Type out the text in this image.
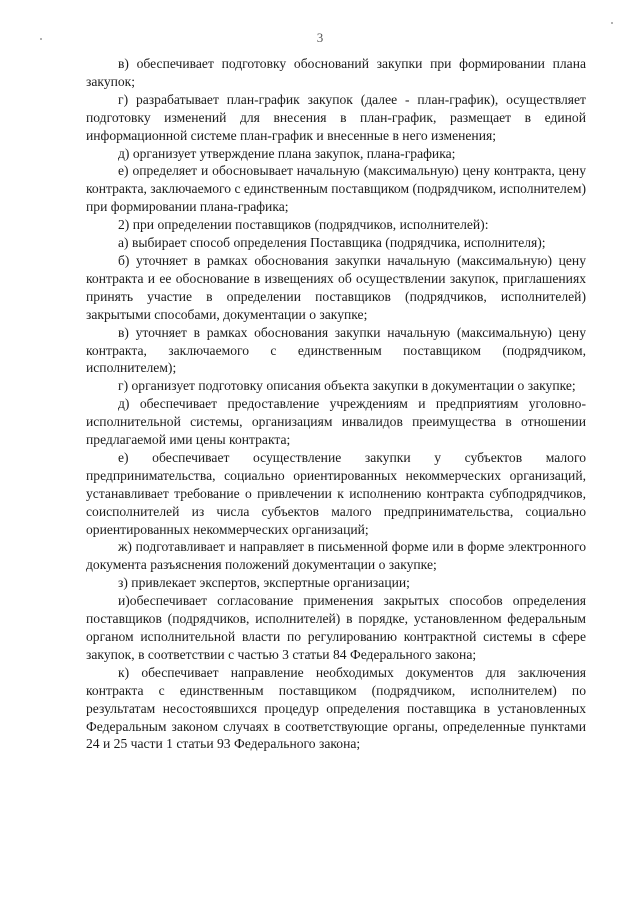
3

в) обеспечивает подготовку обоснований закупки при формировании плана закупок;

г) разрабатывает план-график закупок (далее - план-график), осуществляет подготовку изменений для внесения в план-график, размещает в единой информационной системе план-график и внесенные в него изменения;

д) организует утверждение плана закупок, плана-графика;

е) определяет и обосновывает начальную (максимальную) цену контракта, цену контракта, заключаемого с единственным поставщиком (подрядчиком, исполнителем) при формировании плана-графика;

2) при определении поставщиков (подрядчиков, исполнителей):

а) выбирает способ определения Поставщика (подрядчика, исполнителя);

б) уточняет в рамках обоснования закупки начальную (максимальную) цену контракта и ее обоснование в извещениях об осуществлении закупок, приглашениях принять участие в определении поставщиков (подрядчиков, исполнителей) закрытыми способами, документации о закупке;

в) уточняет в рамках обоснования закупки начальную (максимальную) цену контракта, заключаемого с единственным поставщиком (подрядчиком, исполнителем);

г) организует подготовку описания объекта закупки в документации о закупке;

д) обеспечивает предоставление учреждениям и предприятиям уголовно-исполнительной системы, организациям инвалидов преимущества в отношении предлагаемой ими цены контракта;

е) обеспечивает осуществление закупки у субъектов малого предпринимательства, социально ориентированных некоммерческих организаций, устанавливает требование о привлечении к исполнению контракта субподрядчиков, соисполнителей из числа субъектов малого предпринимательства, социально ориентированных некоммерческих организаций;

ж) подготавливает и направляет в письменной форме или в форме электронного документа разъяснения положений документации о закупке;

з) привлекает экспертов, экспертные организации;

и)обеспечивает согласование применения закрытых способов определения поставщиков (подрядчиков, исполнителей) в порядке, установленном федеральным органом исполнительной власти по регулированию контрактной системы в сфере закупок, в соответствии с частью 3 статьи 84 Федерального закона;

к) обеспечивает направление необходимых документов для заключения контракта с единственным поставщиком (подрядчиком, исполнителем) по результатам несостоявшихся процедур определения поставщика в установленных Федеральным законом случаях в соответствующие органы, определенные пунктами 24 и 25 части 1 статьи 93 Федерального закона;
